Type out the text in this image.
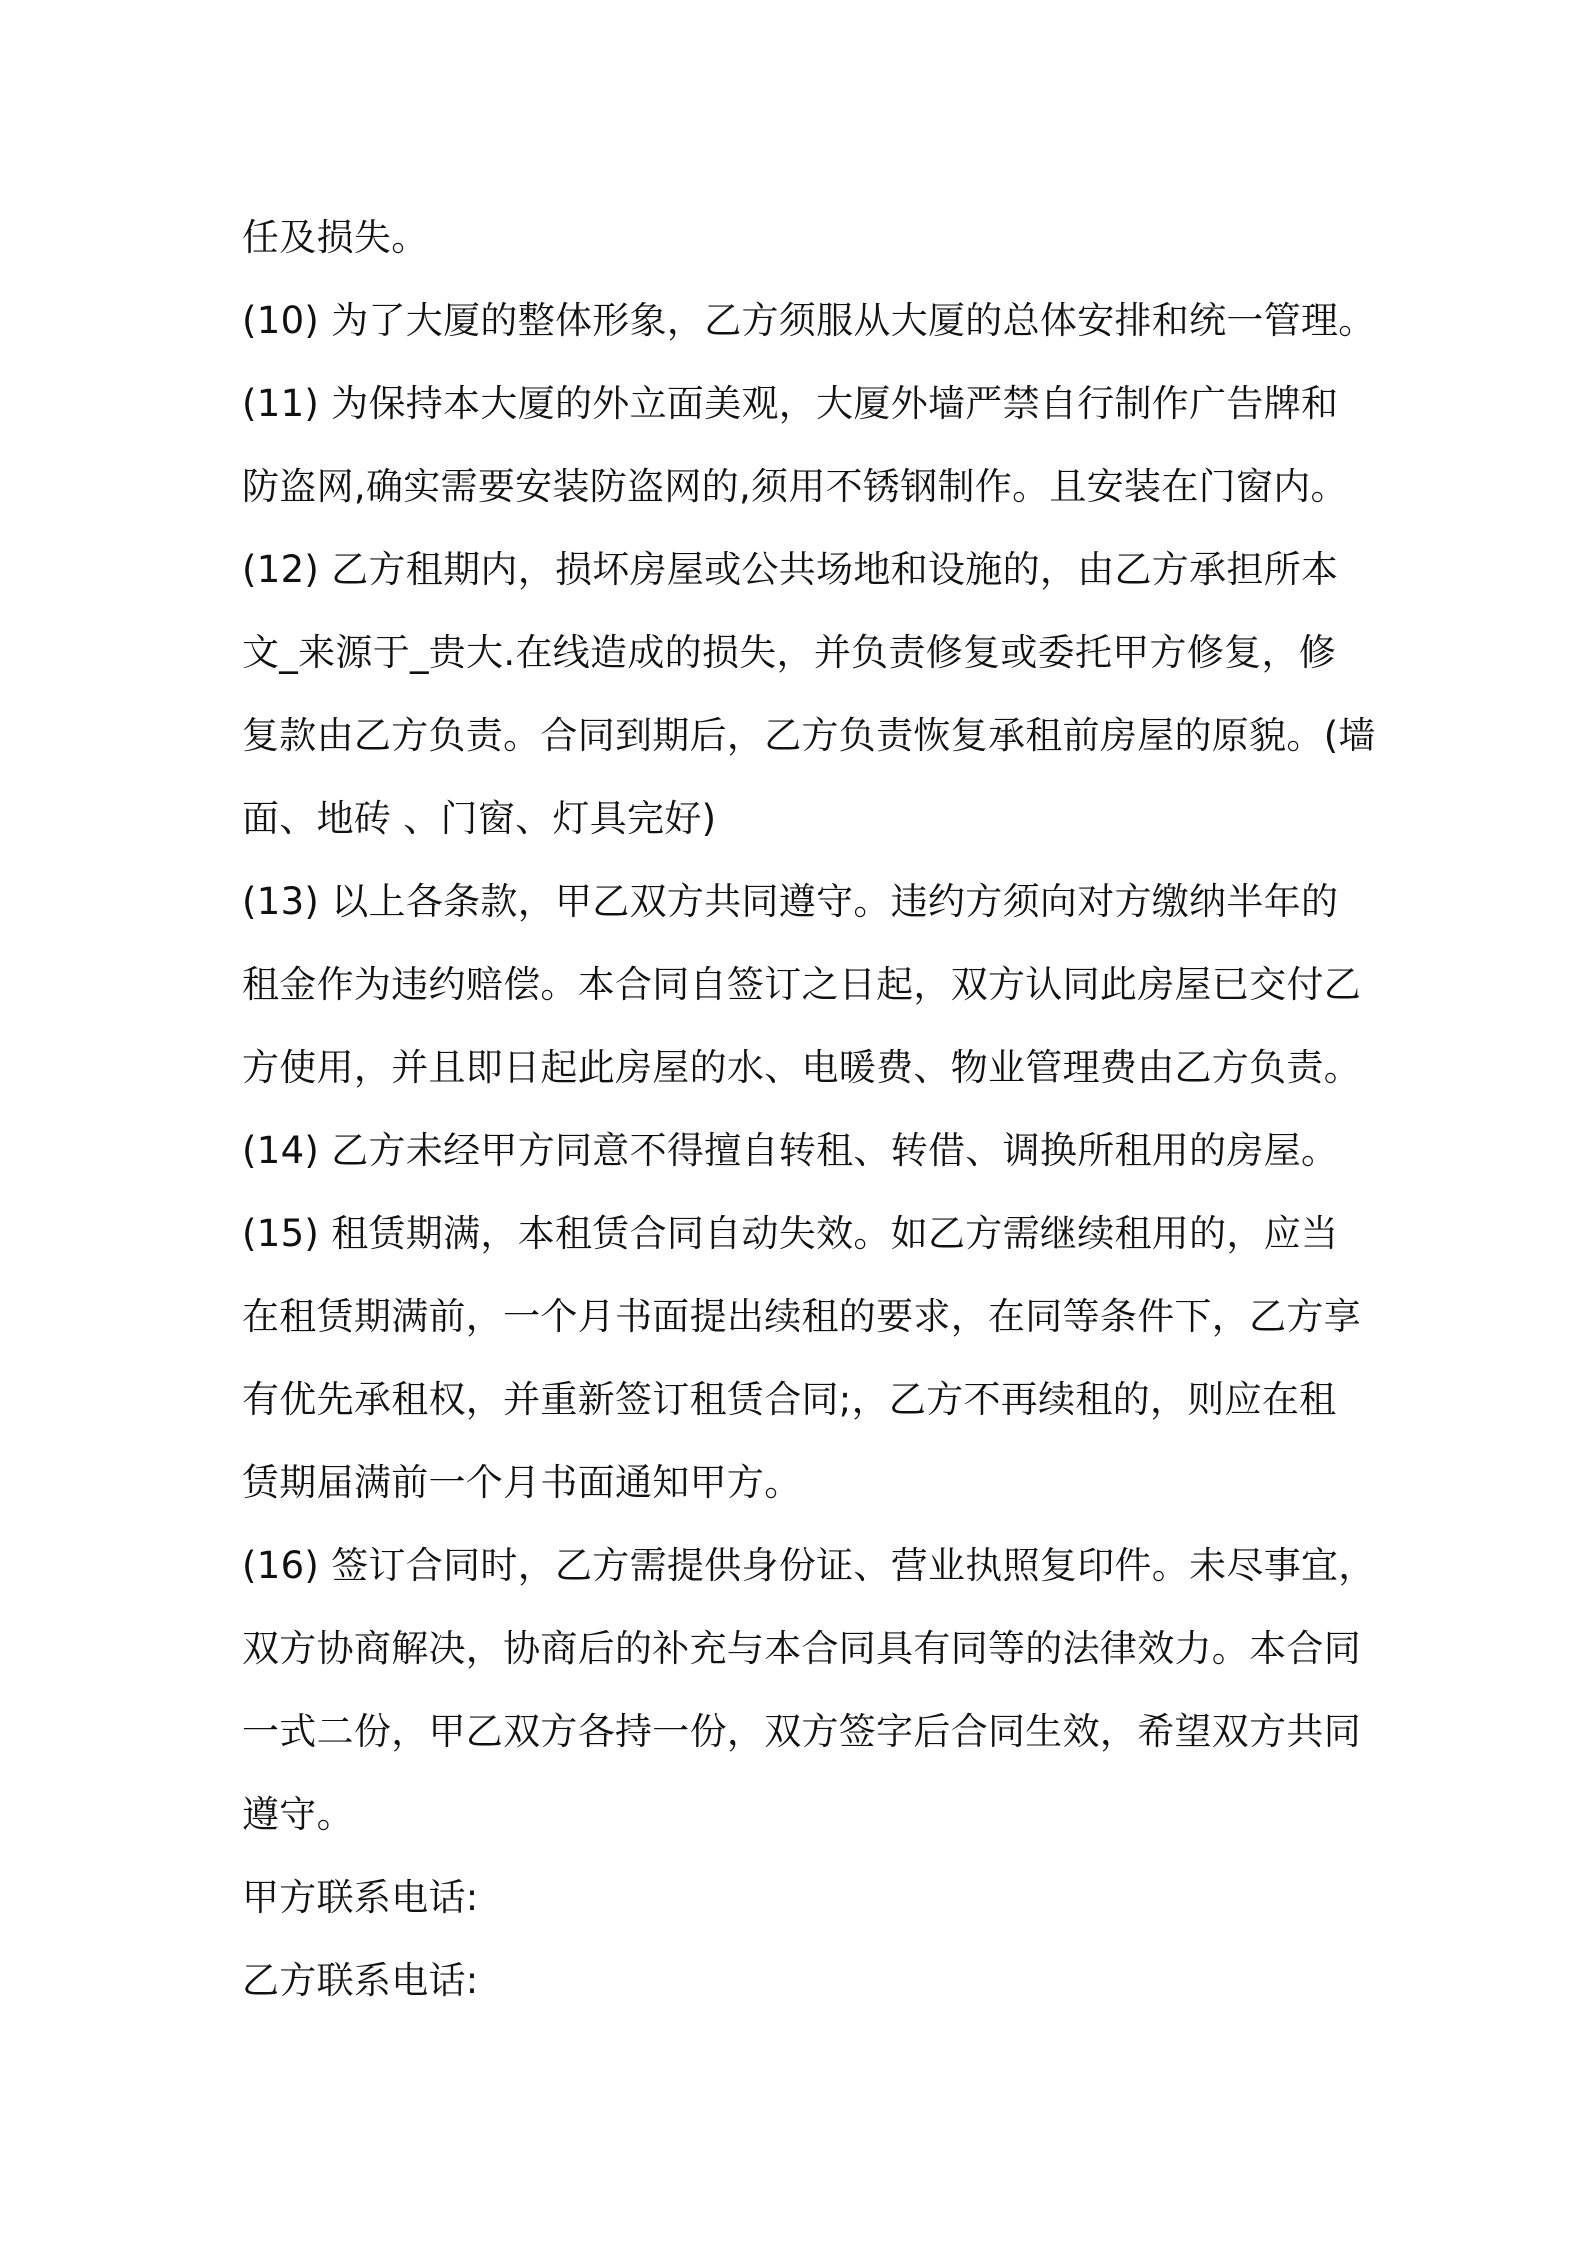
任及损失。
(10) 为了大厦的整体形象，乙方须服从大厦的总体安排和统一管理。
(11) 为保持本大厦的外立面美观，大厦外墙严禁自行制作广告牌和
防盗网,确实需要安装防盗网的,须用不锈钢制作。且安装在门窗内。
(12) 乙方租期内，损坏房屋或公共场地和设施的，由乙方承担所本
文_来源于_贵大.在线造成的损失，并负责修复或委托甲方修复，修
复款由乙方负责。合同到期后，乙方负责恢复承租前房屋的原貌。(墙
面、地砖 、门窗、灯具完好)
(13) 以上各条款，甲乙双方共同遵守。违约方须向对方缴纳半年的
租金作为违约赔偿。本合同自签订之日起，双方认同此房屋已交付乙
方使用，并且即日起此房屋的水、电暖费、物业管理费由乙方负责。
(14) 乙方未经甲方同意不得擅自转租、转借、调换所租用的房屋。
(15) 租赁期满，本租赁合同自动失效。如乙方需继续租用的，应当
在租赁期满前，一个月书面提出续租的要求，在同等条件下，乙方享
有优先承租权，并重新签订租赁合同;，乙方不再续租的，则应在租
赁期届满前一个月书面通知甲方。
(16) 签订合同时，乙方需提供身份证、营业执照复印件。未尽事宜，
双方协商解决，协商后的补充与本合同具有同等的法律效力。本合同
一式二份，甲乙双方各持一份，双方签字后合同生效，希望双方共同
遵守。
甲方联系电话:
乙方联系电话:
